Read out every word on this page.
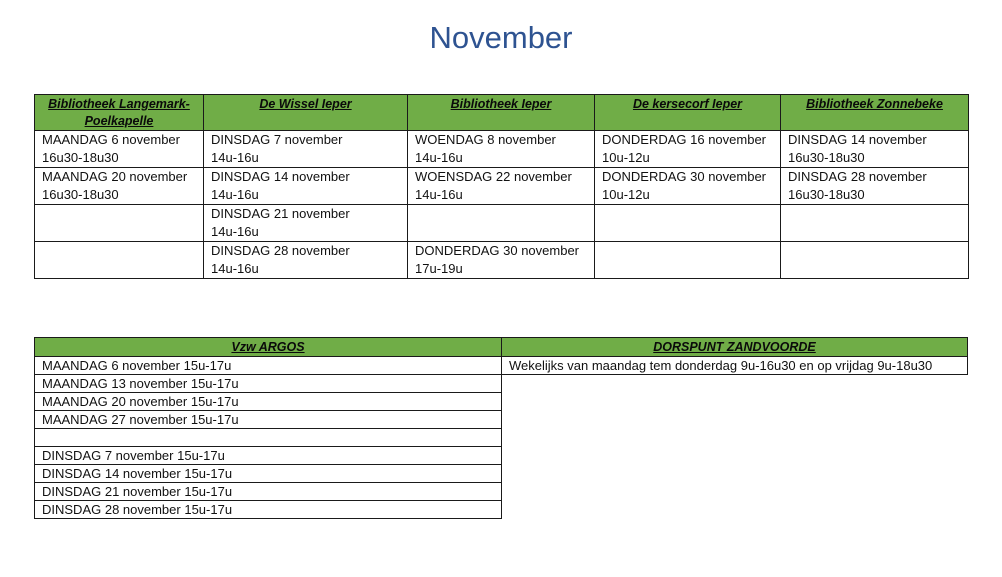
November
Bibliotheek Langemark-Poelkapelle	De Wissel Ieper	Bibliotheek Ieper	De kersecorf Ieper	Bibliotheek Zonnebeke

MAANDAG 6 november
16u30-18u30	DINSDAG 7 november
14u-16u	WOENDAG 8 november
14u-16u	DONDERDAG 16 november
10u-12u	DINSDAG 14 november
16u30-18u30

MAANDAG 20 november
16u30-18u30	DINSDAG 14 november
14u-16u	WOENSDAG 22 november
14u-16u	DONDERDAG 30 november
10u-12u	DINSDAG 28 november
16u30-18u30

	DINSDAG 21 november
14u-16u			

	DINSDAG 28 november
14u-16u	DONDERDAG 30 november
17u-19u		

Vzw ARGOS
MAANDAG 6 november 15u-17u
MAANDAG 13 november 15u-17u
MAANDAG 20 november 15u-17u
MAANDAG 27 november 15u-17u

DINSDAG 7 november 15u-17u
DINSDAG 14 november 15u-17u
DINSDAG 21 november 15u-17u
DINSDAG 28 november 15u-17u
DORSPUNT ZANDVOORDE
Wekelijks van maandag tem donderdag 9u-16u30 en op vrijdag 9u-18u30
